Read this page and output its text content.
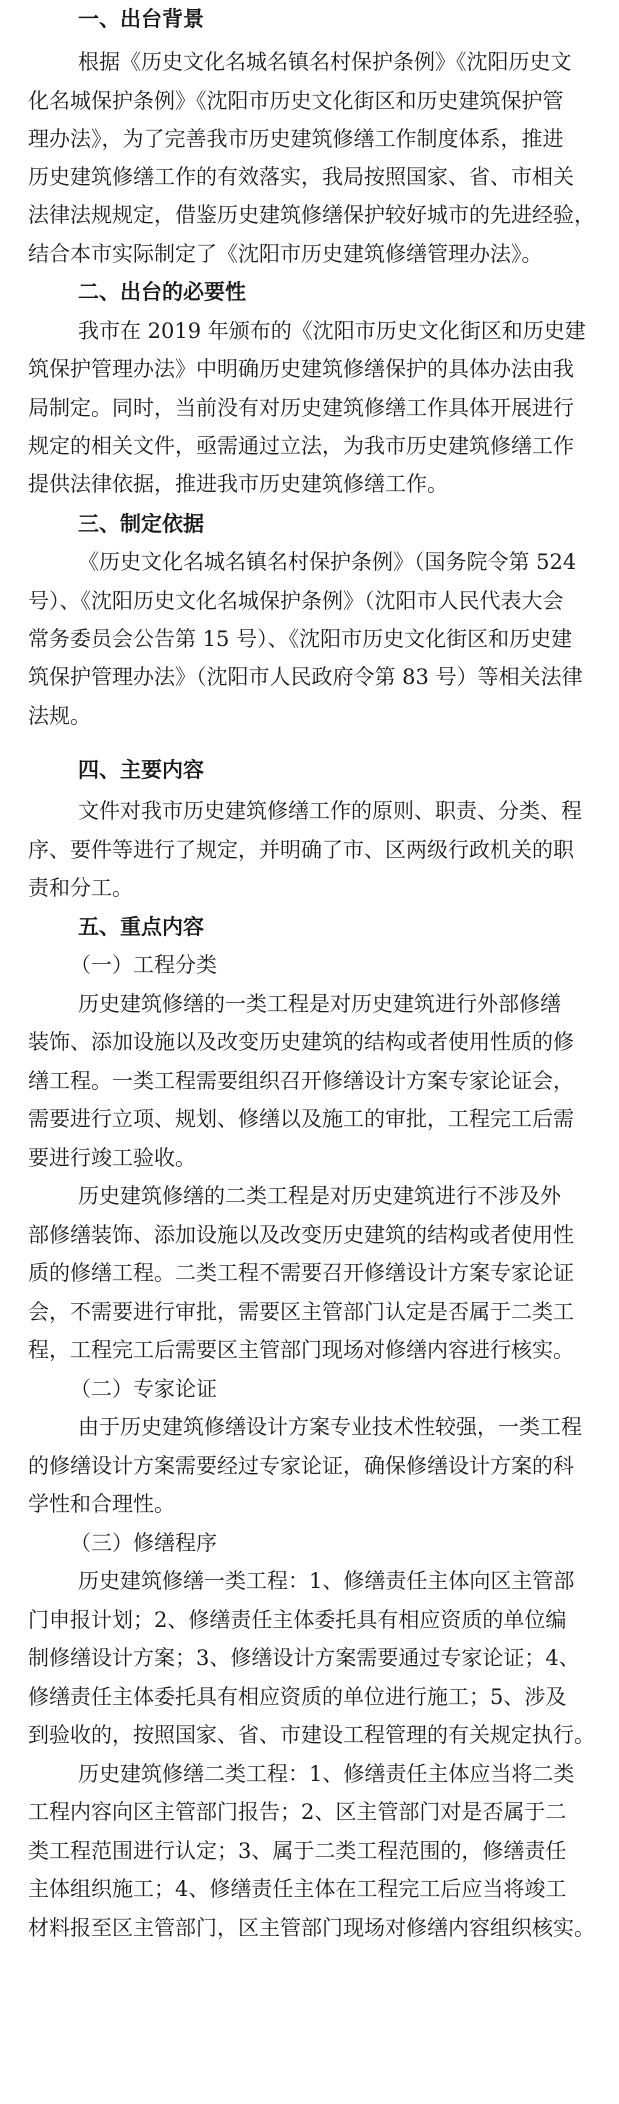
一、出台背景
根据《历史文化名城名镇名村保护条例》《沈阳历史文
化名城保护条例》《沈阳市历史文化街区和历史建筑保护管
理办法》，为了完善我市历史建筑修缮工作制度体系，推进
历史建筑修缮工作的有效落实，我局按照国家、省、市相关
法律法规规定，借鉴历史建筑修缮保护较好城市的先进经验，
结合本市实际制定了《沈阳市历史建筑修缮管理办法》。
二、出台的必要性
我市在 2019 年颁布的《沈阳市历史文化街区和历史建
筑保护管理办法》中明确历史建筑修缮保护的具体办法由我
局制定。同时，当前没有对历史建筑修缮工作具体开展进行
规定的相关文件，亟需通过立法，为我市历史建筑修缮工作
提供法律依据，推进我市历史建筑修缮工作。
三、制定依据
《历史文化名城名镇名村保护条例》（国务院令第 524
号）、《沈阳历史文化名城保护条例》（沈阳市人民代表大会
常务委员会公告第 15 号）、《沈阳市历史文化街区和历史建
筑保护管理办法》（沈阳市人民政府令第 83 号）等相关法律
法规。
四、主要内容
文件对我市历史建筑修缮工作的原则、职责、分类、程
序、要件等进行了规定，并明确了市、区两级行政机关的职
责和分工。
五、重点内容
（一）工程分类
历史建筑修缮的一类工程是对历史建筑进行外部修缮
装饰、添加设施以及改变历史建筑的结构或者使用性质的修
缮工程。一类工程需要组织召开修缮设计方案专家论证会，
需要进行立项、规划、修缮以及施工的审批，工程完工后需
要进行竣工验收。
历史建筑修缮的二类工程是对历史建筑进行不涉及外
部修缮装饰、添加设施以及改变历史建筑的结构或者使用性
质的修缮工程。二类工程不需要召开修缮设计方案专家论证
会，不需要进行审批，需要区主管部门认定是否属于二类工
程，工程完工后需要区主管部门现场对修缮内容进行核实。
（二）专家论证
由于历史建筑修缮设计方案专业技术性较强，一类工程
的修缮设计方案需要经过专家论证，确保修缮设计方案的科
学性和合理性。
（三）修缮程序
历史建筑修缮一类工程：1、修缮责任主体向区主管部
门申报计划；2、修缮责任主体委托具有相应资质的单位编
制修缮设计方案；3、修缮设计方案需要通过专家论证；4、
修缮责任主体委托具有相应资质的单位进行施工；5、涉及
到验收的，按照国家、省、市建设工程管理的有关规定执行。
历史建筑修缮二类工程：1、修缮责任主体应当将二类
工程内容向区主管部门报告；2、区主管部门对是否属于二
类工程范围进行认定；3、属于二类工程范围的，修缮责任
主体组织施工；4、修缮责任主体在工程完工后应当将竣工
材料报至区主管部门，区主管部门现场对修缮内容组织核实。
